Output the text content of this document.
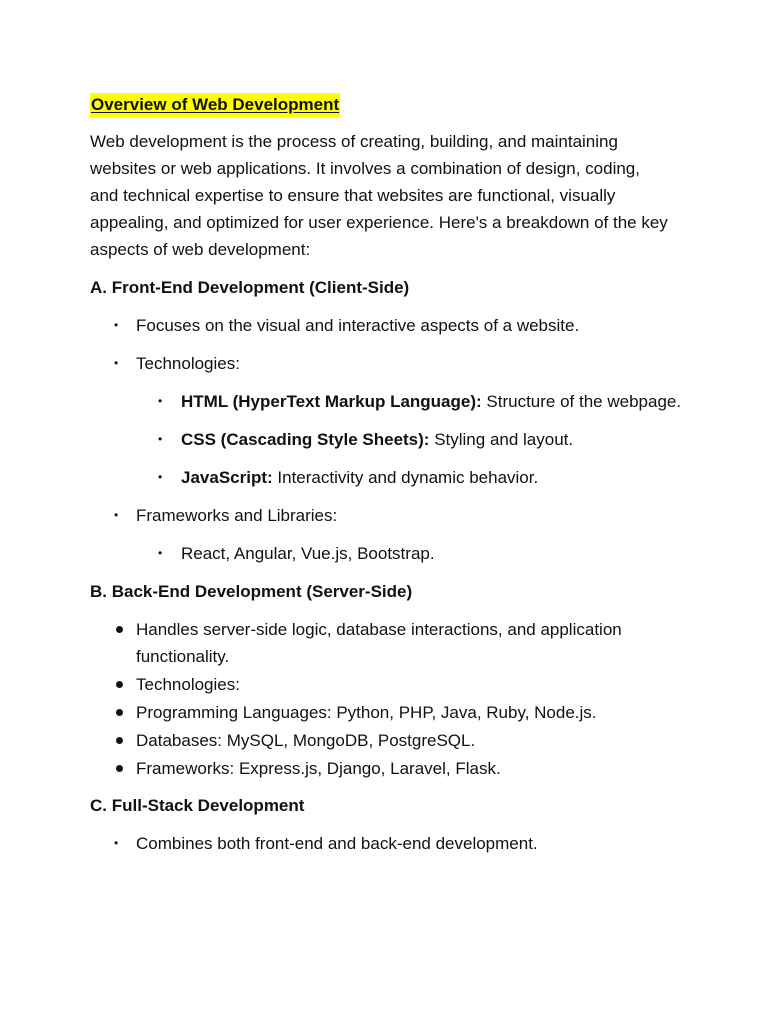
Overview of Web Development
Web development is the process of creating, building, and maintaining websites or web applications. It involves a combination of design, coding, and technical expertise to ensure that websites are functional, visually appealing, and optimized for user experience. Here's a breakdown of the key aspects of web development:
A. Front-End Development (Client-Side)
• Focuses on the visual and interactive aspects of a website.
• Technologies:
• HTML (HyperText Markup Language): Structure of the webpage.
• CSS (Cascading Style Sheets): Styling and layout.
• JavaScript: Interactivity and dynamic behavior.
• Frameworks and Libraries:
• React, Angular, Vue.js, Bootstrap.
B. Back-End Development (Server-Side)
Handles server-side logic, database interactions, and application functionality.
Technologies:
Programming Languages: Python, PHP, Java, Ruby, Node.js.
Databases: MySQL, MongoDB, PostgreSQL.
Frameworks: Express.js, Django, Laravel, Flask.
C. Full-Stack Development
• Combines both front-end and back-end development.
